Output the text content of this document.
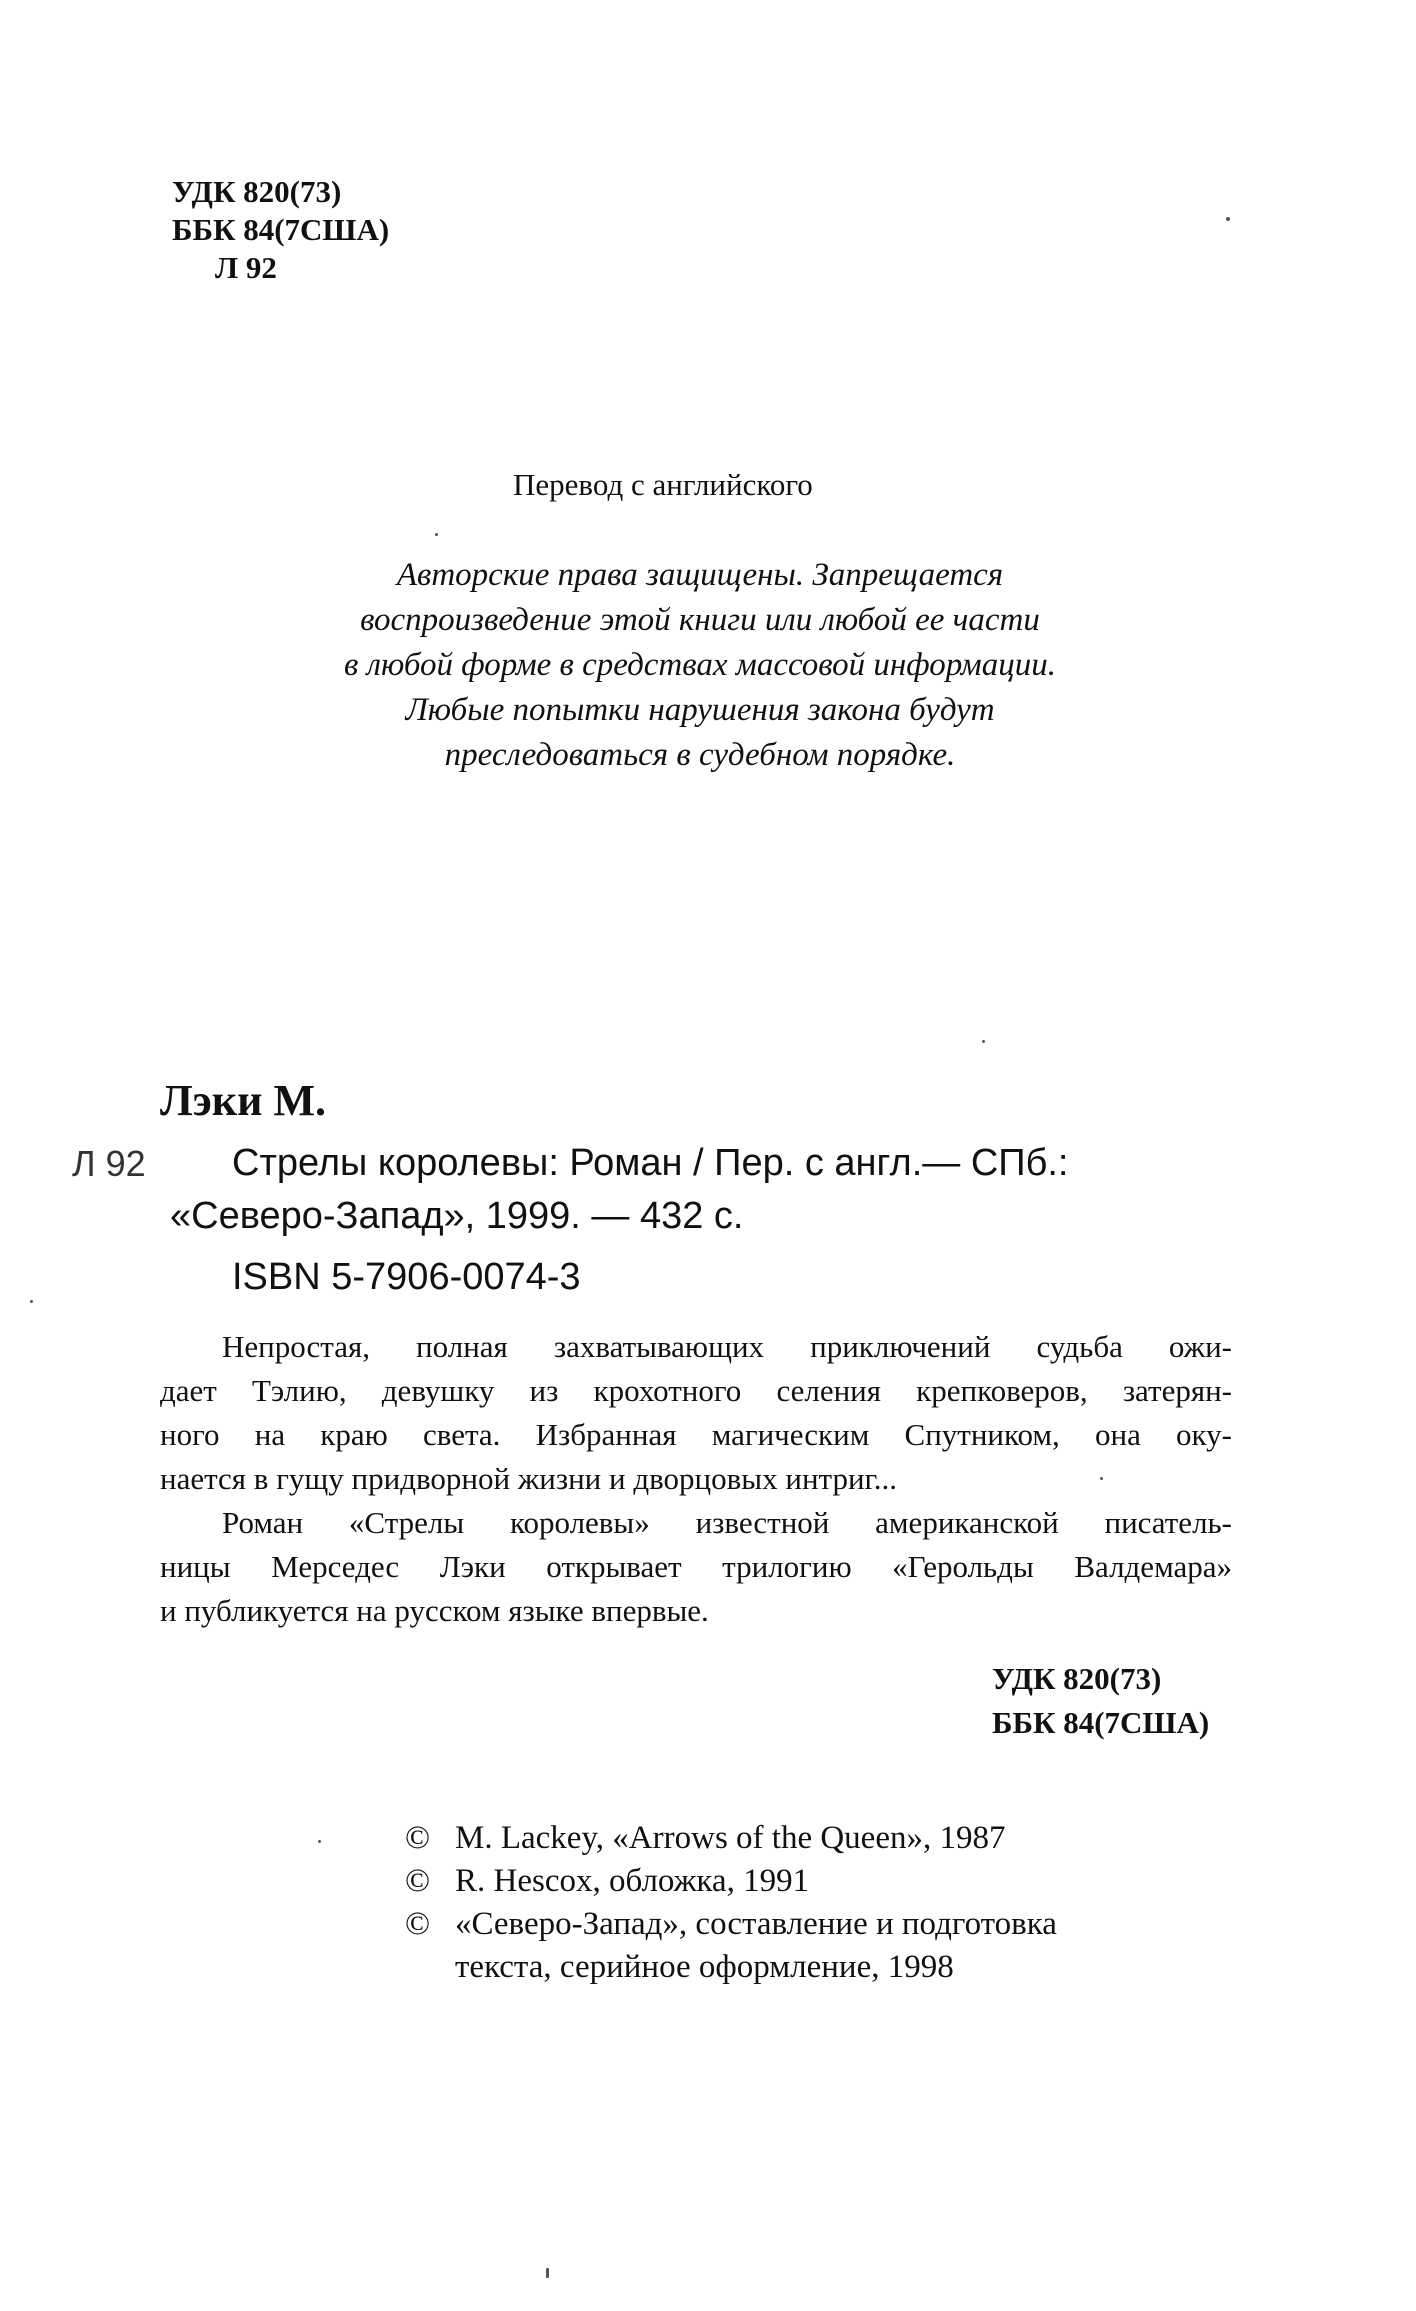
УДК 820(73)
ББК 84(7США)
Л 92
Перевод с английского
Авторские права защищены. Запрещается
воспроизведение этой книги или любой ее части
в любой форме в средствах массовой информации.
Любые попытки нарушения закона будут
преследоваться в судебном порядке.
Лэки М.
Л 92 Стрелы королевы: Роман / Пер. с англ.— СПб.:
«Северо-Запад», 1999. — 432 с.
ISBN 5-7906-0074-3
Непростая, полная захватывающих приключений судьба ожи-
дает Тэлию, девушку из крохотного селения крепковеров, затерян-
ного на краю света. Избранная магическим Спутником, она оку-
нается в гущу придворной жизни и дворцовых интриг...
Роман «Стрелы королевы» известной американской писатель-
ницы Мерседес Лэки открывает трилогию «Герольды Валдемара»
и публикуется на русском языке впервые.
УДК 820(73)
ББК 84(7США)
© M. Lackey, «Arrows of the Queen», 1987
© R. Hescox, обложка, 1991
© «Северо-Запад», составление и подготовка
текста, серийное оформление, 1998
